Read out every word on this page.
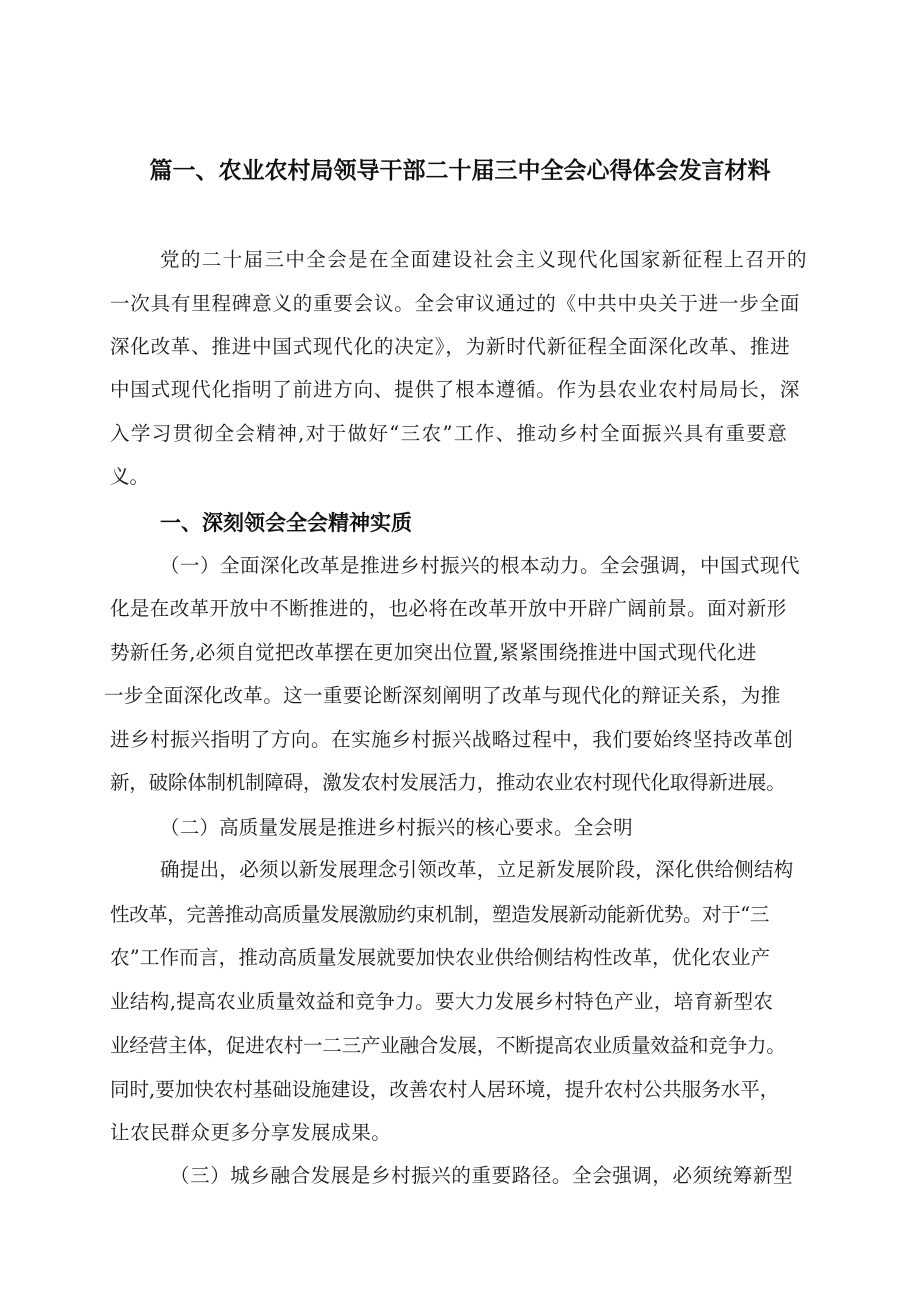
篇一、农业农村局领导干部二十届三中全会心得体会发言材料
党的二十届三中全会是在全面建设社会主义现代化国家新征程上召开的
一次具有里程碑意义的重要会议。全会审议通过的《中共中央关于进一步全面
深化改革、推进中国式现代化的决定》，为新时代新征程全面深化改革、推进
中国式现代化指明了前进方向、提供了根本遵循。作为县农业农村局局长，深
入学习贯彻全会精神,对于做好“三农”工作、推动乡村全面振兴具有重要意
义。
一、深刻领会全会精神实质
（一）全面深化改革是推进乡村振兴的根本动力。全会强调，中国式现代
化是在改革开放中不断推进的，也必将在改革开放中开辟广阔前景。面对新形
势新任务,必须自觉把改革摆在更加突出位置,紧紧围绕推进中国式现代化进
一步全面深化改革。这一重要论断深刻阐明了改革与现代化的辩证关系，为推
进乡村振兴指明了方向。在实施乡村振兴战略过程中，我们要始终坚持改革创
新，破除体制机制障碍，激发农村发展活力，推动农业农村现代化取得新进展。
（二）高质量发展是推进乡村振兴的核心要求。全会明
确提出，必须以新发展理念引领改革，立足新发展阶段，深化供给侧结构
性改革，完善推动高质量发展激励约束机制，塑造发展新动能新优势。对于“三
农”工作而言，推动高质量发展就要加快农业供给侧结构性改革，优化农业产
业结构,提高农业质量效益和竞争力。要大力发展乡村特色产业，培育新型农
业经营主体，促进农村一二三产业融合发展，不断提高农业质量效益和竞争力。
同时,要加快农村基础设施建设，改善农村人居环境，提升农村公共服务水平，
让农民群众更多分享发展成果。
（三）城乡融合发展是乡村振兴的重要路径。全会强调，必须统筹新型
